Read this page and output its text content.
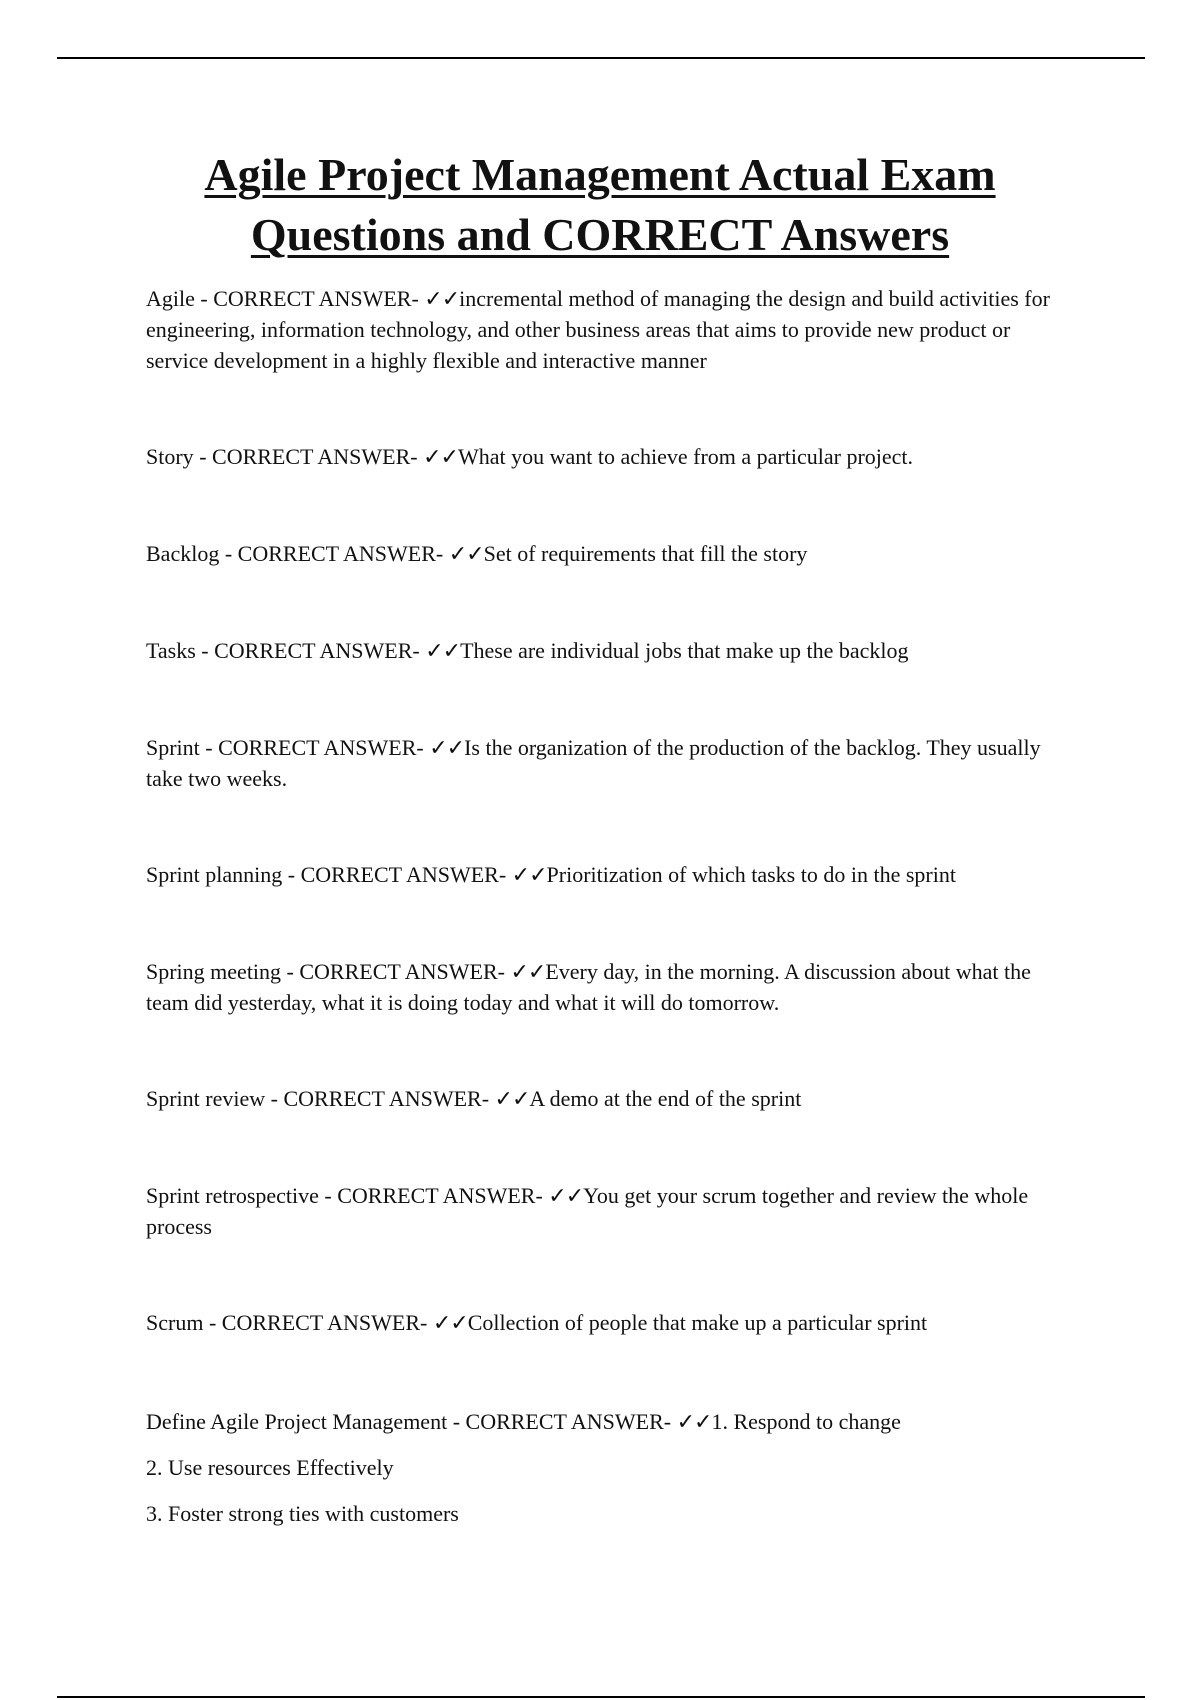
Agile Project Management Actual Exam
Questions and CORRECT Answers

Agile - CORRECT ANSWER- ✓✓incremental method of managing the design and build activities for engineering, information technology, and other business areas that aims to provide new product or service development in a highly flexible and interactive manner

Story - CORRECT ANSWER- ✓✓What you want to achieve from a particular project.

Backlog - CORRECT ANSWER- ✓✓Set of requirements that fill the story

Tasks - CORRECT ANSWER- ✓✓These are individual jobs that make up the backlog

Sprint - CORRECT ANSWER- ✓✓Is the organization of the production of the backlog. They usually take two weeks.

Sprint planning - CORRECT ANSWER- ✓✓Prioritization of which tasks to do in the sprint

Spring meeting - CORRECT ANSWER- ✓✓Every day, in the morning. A discussion about what the team did yesterday, what it is doing today and what it will do tomorrow.

Sprint review - CORRECT ANSWER- ✓✓A demo at the end of the sprint

Sprint retrospective - CORRECT ANSWER- ✓✓You get your scrum together and review the whole process

Scrum - CORRECT ANSWER- ✓✓Collection of people that make up a particular sprint

Define Agile Project Management - CORRECT ANSWER- ✓✓1. Respond to change

2. Use resources Effectively

3. Foster strong ties with customers
